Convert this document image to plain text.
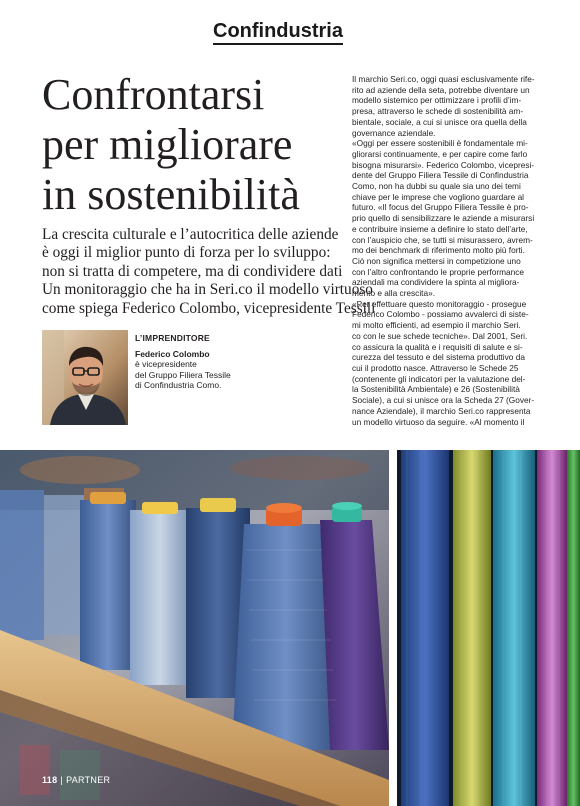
Confindustria
Confrontarsi
per migliorare
in sostenibilità

La crescita culturale e l’autocritica delle aziende
è oggi il miglior punto di forza per lo sviluppo:
non si tratta di competere, ma di condividere dati
Un monitoraggio che ha in Seri.co il modello virtuoso
come spiega Federico Colombo, vicepresidente Tessili

L’IMPRENDITORE
Federico Colombo
è vicepresidente
del Gruppo Filiera Tessile
di Confindustria Como.
Il marchio Seri.co, oggi quasi esclusivamente rife-
rito ad aziende della seta, potrebbe diventare un
modello sistemico per ottimizzare i profili d’im-
presa, attraverso le schede di sostenibilità am-
bientale, sociale, a cui si unisce ora quella della
governance aziendale.
«Oggi per essere sostenibili è fondamentale mi-
gliorarsi continuamente, e per capire come farlo
bisogna misurarsi». Federico Colombo, vicepresi-
dente del Gruppo Filiera Tessile di Confindustria
Como, non ha dubbi su quale sia uno dei temi
chiave per le imprese che vogliono guardare al
futuro. «Il focus del Gruppo Filiera Tessile è pro-
prio quello di sensibilizzare le aziende a misurarsi
e contribuire insieme a definire lo stato dell’arte,
con l’auspicio che, se tutti si misurassero, avrem-
mo dei benchmark di riferimento molto più forti.
Ciò non significa mettersi in competizione uno
con l’altro confrontando le proprie performance
aziendali ma condividere la spinta al migliora-
mento e alla crescita».
«Per effettuare questo monitoraggio - prosegue
Federico Colombo - possiamo avvalerci di siste-
mi molto efficienti, ad esempio il marchio Seri.
co con le sue schede tecniche». Dal 2001, Seri.
co assicura la qualità e i requisiti di salute e si-
curezza del tessuto e del sistema produttivo da
cui il prodotto nasce. Attraverso le Schede 25
(contenente gli indicatori per la valutazione del-
la Sostenibilità Ambientale) e 26 (Sostenibilità
Sociale), a cui si unisce ora la Scheda 27 (Gover-
nance Aziendale), il marchio Seri.co rappresenta
un modello virtuoso da seguire. «Al momento il
118 | PARTNER
